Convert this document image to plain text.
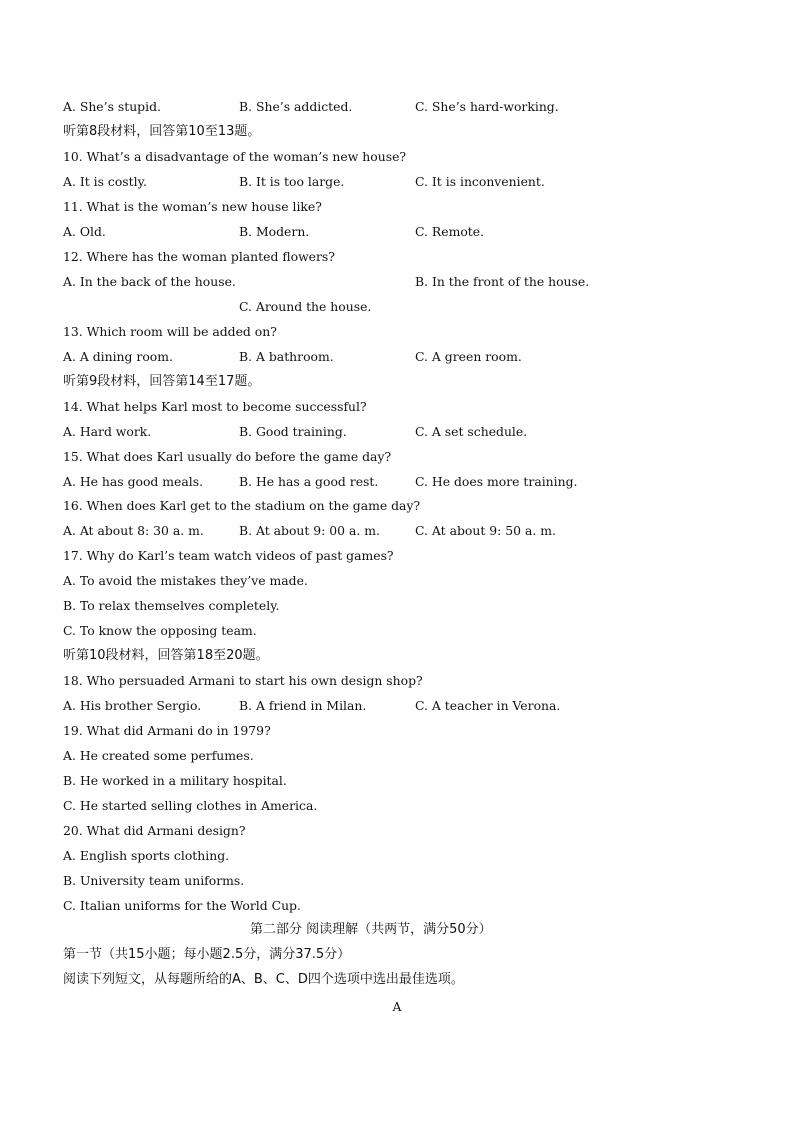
A. She’s stupid.	B. She’s addicted.	C. She’s hard-working.
听第8段材料，回答第10至13题。
10. What’s a disadvantage of the woman’s new house?
A. It is costly.	B. It is too large.	C. It is inconvenient.
11. What is the woman’s new house like?
A. Old.	B. Modern.	C. Remote.
12. Where has the woman planted flowers?
A. In the back of the house.	B. In the front of the house.
C. Around the house.
13. Which room will be added on?
A. A dining room.	B. A bathroom.	C. A green room.
听第9段材料，回答第14至17题。
14. What helps Karl most to become successful?
A. Hard work.	B. Good training.	C. A set schedule.
15. What does Karl usually do before the game day?
A. He has good meals.	B. He has a good rest.	C. He does more training.
16. When does Karl get to the stadium on the game day?
A. At about 8: 30 a. m.	B. At about 9: 00 a. m.	C. At about 9: 50 a. m.
17. Why do Karl’s team watch videos of past games?
A. To avoid the mistakes they’ve made.
B. To relax themselves completely.
C. To know the opposing team.
听第10段材料，回答第18至20题。
18. Who persuaded Armani to start his own design shop?
A. His brother Sergio.	B. A friend in Milan.	C. A teacher in Verona.
19. What did Armani do in 1979?
A. He created some perfumes.
B. He worked in a military hospital.
C. He started selling clothes in America.
20. What did Armani design?
A. English sports clothing.
B. University team uniforms.
C. Italian uniforms for the World Cup.
第二部分 阅读理解（共两节，满分50分）
第一节（共15小题；每小题2.5分，满分37.5分）
阅读下列短文，从每题所给的A、B、C、D四个选项中选出最佳选项。
A
